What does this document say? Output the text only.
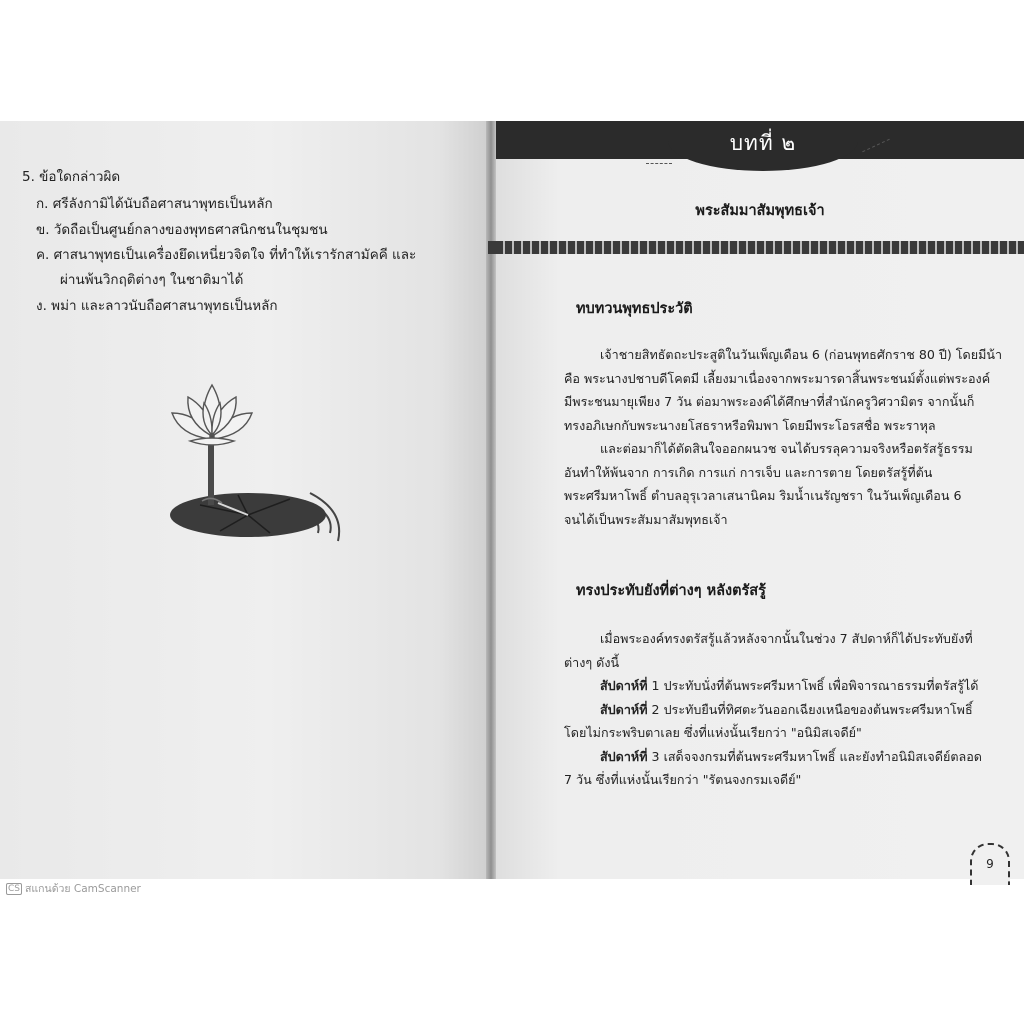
5. ข้อใดกล่าวผิด
ก. ศรีลังกามิได้นับถือศาสนาพุทธเป็นหลัก
ข. วัดถือเป็นศูนย์กลางของพุทธศาสนิกชนในชุมชน
ค. ศาสนาพุทธเป็นเครื่องยึดเหนี่ยวจิตใจ ที่ทำให้เรารักสามัคคี และ
ผ่านพ้นวิกฤติต่างๆ ในชาติมาได้
ง. พม่า และลาวนับถือศาสนาพุทธเป็นหลัก
บทที่ ๒
พระสัมมาสัมพุทธเจ้า
ทบทวนพุทธประวัติ
เจ้าชายสิทธัตถะประสูติในวันเพ็ญเดือน 6 (ก่อนพุทธศักราช 80 ปี) โดยมีน้า
คือ พระนางปชาบดีโคตมี เลี้ยงมาเนื่องจากพระมารดาสิ้นพระชนม์ตั้งแต่พระองค์
มีพระชนมายุเพียง 7 วัน ต่อมาพระองค์ได้ศึกษาที่สำนักครูวิศวามิตร จากนั้นก็
ทรงอภิเษกกับพระนางยโสธราหรือพิมพา โดยมีพระโอรสชื่อ พระราหุล
และต่อมาก็ได้ตัดสินใจออกผนวช จนได้บรรลุความจริงหรือตรัสรู้ธรรม
อันทำให้พ้นจาก การเกิด การแก่ การเจ็บ และการตาย โดยตรัสรู้ที่ต้น
พระศรีมหาโพธิ์ ตำบลอุรุเวลาเสนานิคม ริมน้ำเนรัญชรา ในวันเพ็ญเดือน 6
จนได้เป็นพระสัมมาสัมพุทธเจ้า
ทรงประทับยังที่ต่างๆ หลังตรัสรู้
เมื่อพระองค์ทรงตรัสรู้แล้วหลังจากนั้นในช่วง 7 สัปดาห์ก็ได้ประทับยังที่
ต่างๆ ดังนี้
สัปดาห์ที่ 1 ประทับนั่งที่ต้นพระศรีมหาโพธิ์ เพื่อพิจารณาธรรมที่ตรัสรู้ได้
สัปดาห์ที่ 2 ประทับยืนที่ทิศตะวันออกเฉียงเหนือของต้นพระศรีมหาโพธิ์
โดยไม่กระพริบตาเลย ซึ่งที่แห่งนั้นเรียกว่า "อนิมิสเจดีย์"
สัปดาห์ที่ 3 เสด็จจงกรมที่ต้นพระศรีมหาโพธิ์ และยังทำอนิมิสเจดีย์ตลอด
7 วัน ซึ่งที่แห่งนั้นเรียกว่า "รัตนจงกรมเจดีย์"
9
CS สแกนด้วย CamScanner
